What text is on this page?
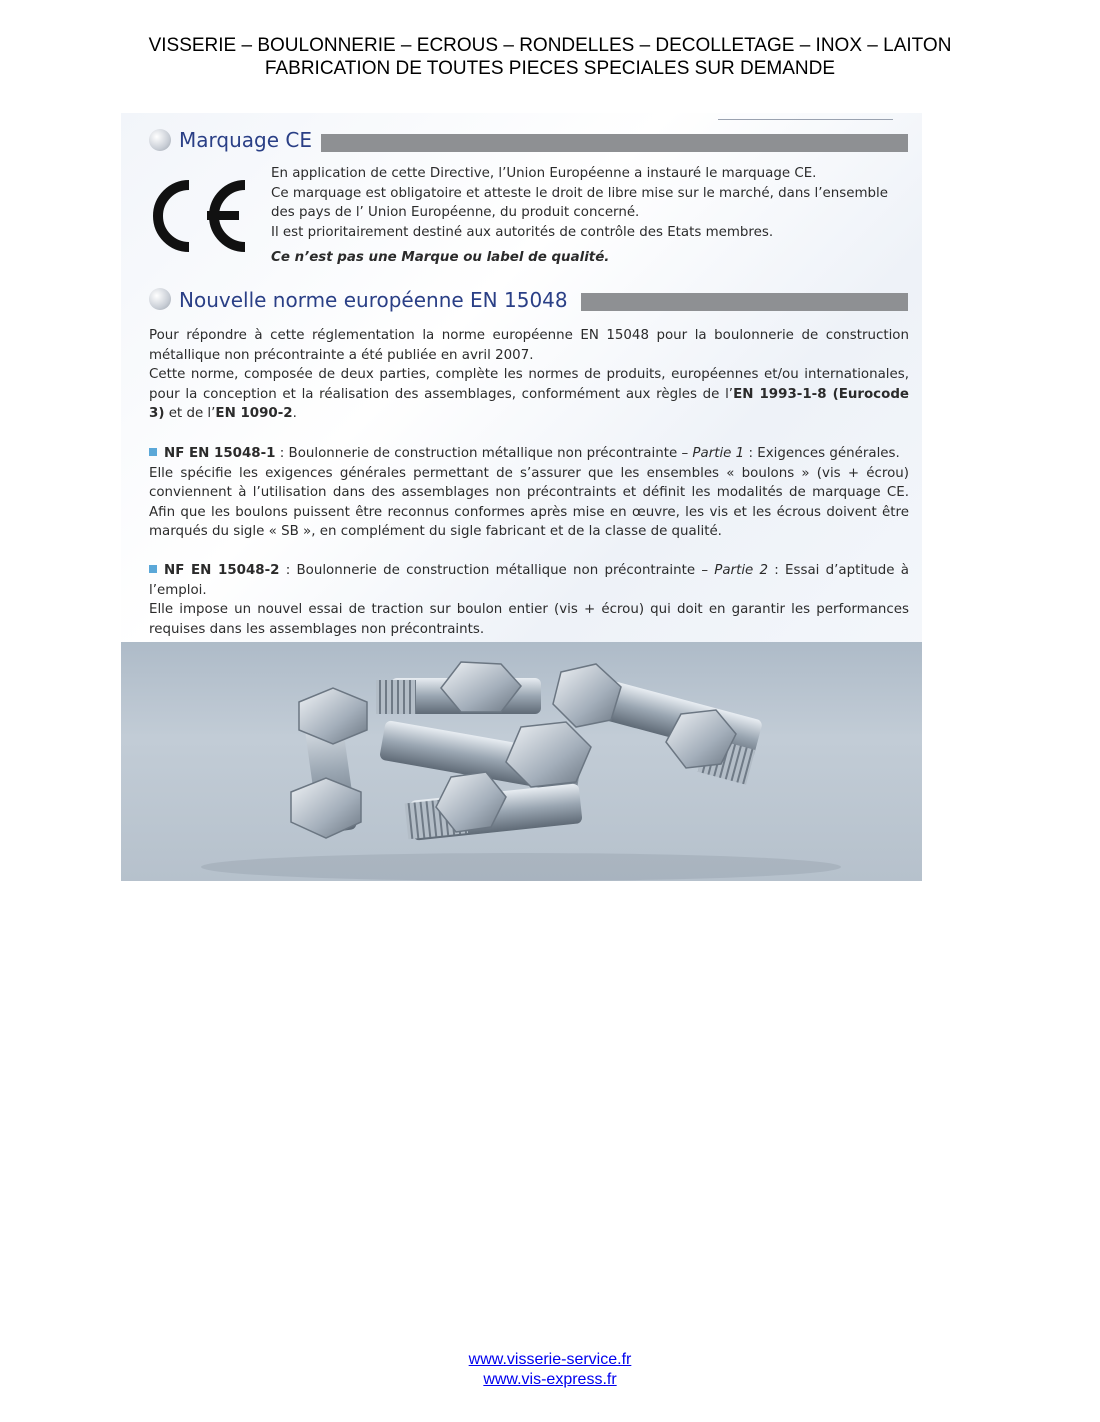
VISSERIE – BOULONNERIE – ECROUS – RONDELLES – DECOLLETAGE – INOX – LAITON
FABRICATION DE TOUTES PIECES SPECIALES SUR DEMANDE
Marquage CE

En application de cette Directive, l’Union Européenne a instauré le marquage CE.

Ce marquage est obligatoire et atteste le droit de libre mise sur le marché, dans l’ensemble des pays de l’ Union Européenne, du produit concerné.

Il est prioritairement destiné aux autorités de contrôle des Etats membres.

Ce n’est pas une Marque ou label de qualité.

Nouvelle norme européenne EN 15048

Pour répondre à cette réglementation la norme européenne EN 15048 pour la boulonnerie de construction métallique non précontrainte a été publiée en avril 2007.

Cette norme, composée de deux parties, complète les normes de produits, européennes et/ou internationales, pour la conception et la réalisation des assemblages, conformément aux règles de l’EN 1993-1-8 (Eurocode 3) et de l’EN 1090-2.

NF EN 15048-1 : Boulonnerie de construction métallique non précontrainte – Partie 1 : Exigences générales.

Elle spécifie les exigences générales permettant de s’assurer que les ensembles « boulons » (vis + écrou) conviennent à l’utilisation dans des assemblages non précontraints et définit les modalités de marquage CE. Afin que les boulons puissent être reconnus conformes après mise en œuvre, les vis et les écrous doivent être marqués du sigle « SB », en complément du sigle fabricant et de la classe de qualité.

NF EN 15048-2 : Boulonnerie de construction métallique non précontrainte – Partie 2 : Essai d’aptitude à l’emploi.

Elle impose un nouvel essai de traction sur boulon entier (vis + écrou) qui doit en garantir les performances requises dans les assemblages non précontraints.

www.visserie-service.fr
www.vis-express.fr
